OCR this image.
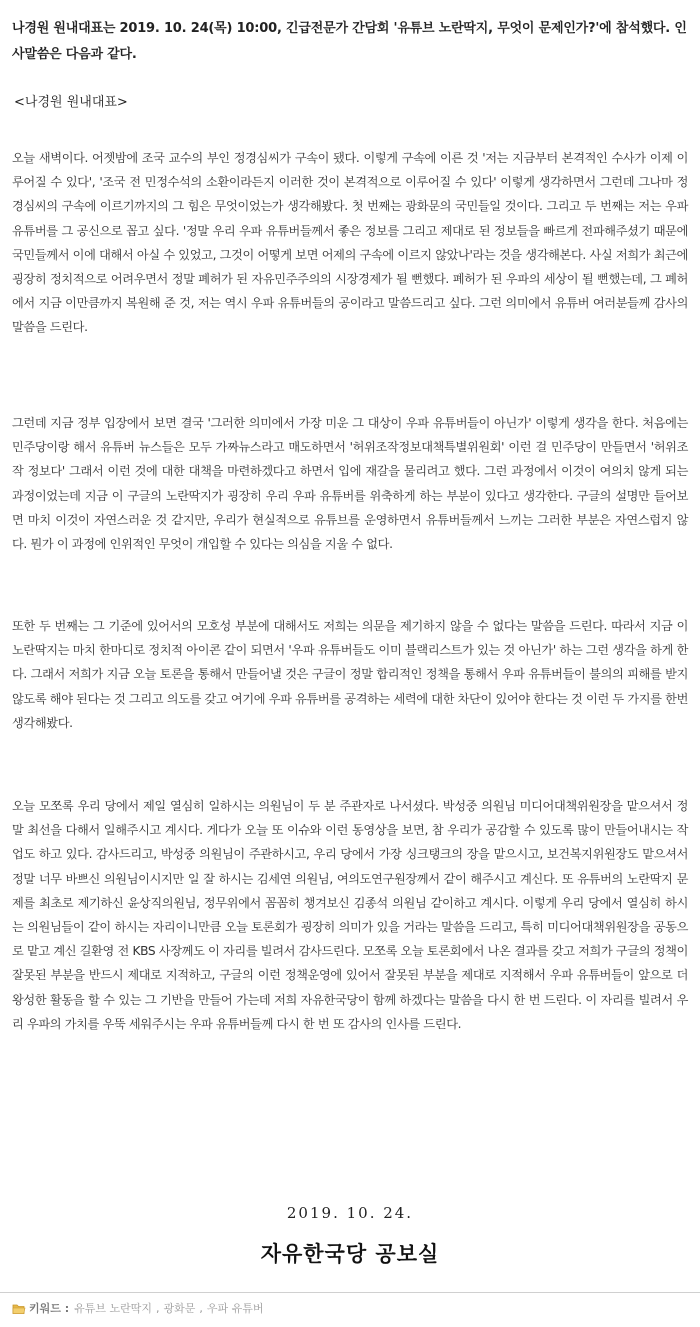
나경원 원내대표는 2019. 10. 24(목) 10:00, 긴급전문가 간담회 '유튜브 노란딱지, 무엇이 문제인가?'에 참석했다. 인사말씀은 다음과 같다.

<나경원 원내대표>

오늘 새벽이다. 어젯밤에 조국 교수의 부인 정경심씨가 구속이 됐다. 이렇게 구속에 이른 것 '저는 지금부터 본격적인 수사가 이제 이루어질 수 있다', '조국 전 민정수석의 소환이라든지 이러한 것이 본격적으로 이루어질 수 있다' 이렇게 생각하면서 그런데 그나마 정경심씨의 구속에 이르기까지의 그 힘은 무엇이었는가 생각해봤다. 첫 번째는 광화문의 국민들일 것이다. 그리고 두 번째는 저는 우파 유튜버를 그 공신으로 꼽고 싶다. '정말 우리 우파 유튜버들께서 좋은 정보를 그리고 제대로 된 정보들을 빠르게 전파해주셨기 때문에 국민들께서 이에 대해서 아실 수 있었고, 그것이 어떻게 보면 어제의 구속에 이르지 않았나'라는 것을 생각해본다. 사실 저희가 최근에 굉장히 정치적으로 어려우면서 정말 폐허가 된 자유민주주의의 시장경제가 될 뻔했다. 폐허가 된 우파의 세상이 될 뻔했는데, 그 폐허에서 지금 이만큼까지 복원해 준 것, 저는 역시 우파 유튜버들의 공이라고 말씀드리고 싶다. 그런 의미에서 유튜버 여러분들께 감사의 말씀을 드린다.

그런데 지금 정부 입장에서 보면 결국 '그러한 의미에서 가장 미운 그 대상이 우파 유튜버들이 아닌가' 이렇게 생각을 한다. 처음에는 민주당이랑 해서 유튜버 뉴스들은 모두 가짜뉴스라고 매도하면서 '허위조작정보대책특별위원회' 이런 걸 민주당이 만들면서 '허위조작 정보다' 그래서 이런 것에 대한 대책을 마련하겠다고 하면서 입에 재갈을 물리려고 했다. 그런 과정에서 이것이 여의치 않게 되는 과정이었는데 지금 이 구글의 노란딱지가 굉장히 우리 우파 유튜버를 위축하게 하는 부분이 있다고 생각한다. 구글의 설명만 들어보면 마치 이것이 자연스러운 것 같지만, 우리가 현실적으로 유튜브를 운영하면서 유튜버들께서 느끼는 그러한 부분은 자연스럽지 않다. 뭔가 이 과정에 인위적인 무엇이 개입할 수 있다는 의심을 지울 수 없다.

또한 두 번째는 그 기준에 있어서의 모호성 부분에 대해서도 저희는 의문을 제기하지 않을 수 없다는 말씀을 드린다. 따라서 지금 이 노란딱지는 마치 한마디로 정치적 아이콘 같이 되면서 '우파 유튜버들도 이미 블랙리스트가 있는 것 아닌가' 하는 그런 생각을 하게 한다. 그래서 저희가 지금 오늘 토론을 통해서 만들어낼 것은 구글이 정말 합리적인 정책을 통해서 우파 유튜버들이 불의의 피해를 받지 않도록 해야 된다는 것 그리고 의도를 갖고 여기에 우파 유튜버를 공격하는 세력에 대한 차단이 있어야 한다는 것 이런 두 가지를 한번 생각해봤다.

오늘 모쪼록 우리 당에서 제일 열심히 일하시는 의원님이 두 분 주관자로 나서셨다. 박성중 의원님 미디어대책위원장을 맡으셔서 정말 최선을 다해서 일해주시고 계시다. 게다가 오늘 또 이슈와 이런 동영상을 보면, 참 우리가 공감할 수 있도록 많이 만들어내시는 작업도 하고 있다. 감사드리고, 박성중 의원님이 주관하시고, 우리 당에서 가장 싱크탱크의 장을 맡으시고, 보건복지위원장도 맡으셔서 정말 너무 바쁘신 의원님이시지만 일 잘 하시는 김세연 의원님, 여의도연구원장께서 같이 해주시고 계신다. 또 유튜버의 노란딱지 문제를 최초로 제기하신 윤상직의원님, 정무위에서 꼼꼼히 챙겨보신 김종석 의원님 같이하고 계시다. 이렇게 우리 당에서 열심히 하시는 의원님들이 같이 하시는 자리이니만큼 오늘 토론회가 굉장히 의미가 있을 거라는 말씀을 드리고, 특히 미디어대책위원장을 공동으로 맡고 계신 길환영 전 KBS 사장께도 이 자리를 빌려서 감사드린다. 모쪼록 오늘 토론회에서 나온 결과를 갖고 저희가 구글의 정책이 잘못된 부분을 반드시 제대로 지적하고, 구글의 이런 정책운영에 있어서 잘못된 부분을 제대로 지적해서 우파 유튜버들이 앞으로 더 왕성한 활동을 할 수 있는 그 기반을 만들어 가는데 저희 자유한국당이 함께 하겠다는 말씀을 다시 한 번 드린다. 이 자리를 빌려서 우리 우파의 가치를 우뚝 세워주시는 우파 유튜버들께 다시 한 번 또 감사의 인사를 드린다.

2019. 10. 24.

자유한국당 공보실

키워드 : 유튜브 노란딱지 , 광화문 , 우파 유튜버
